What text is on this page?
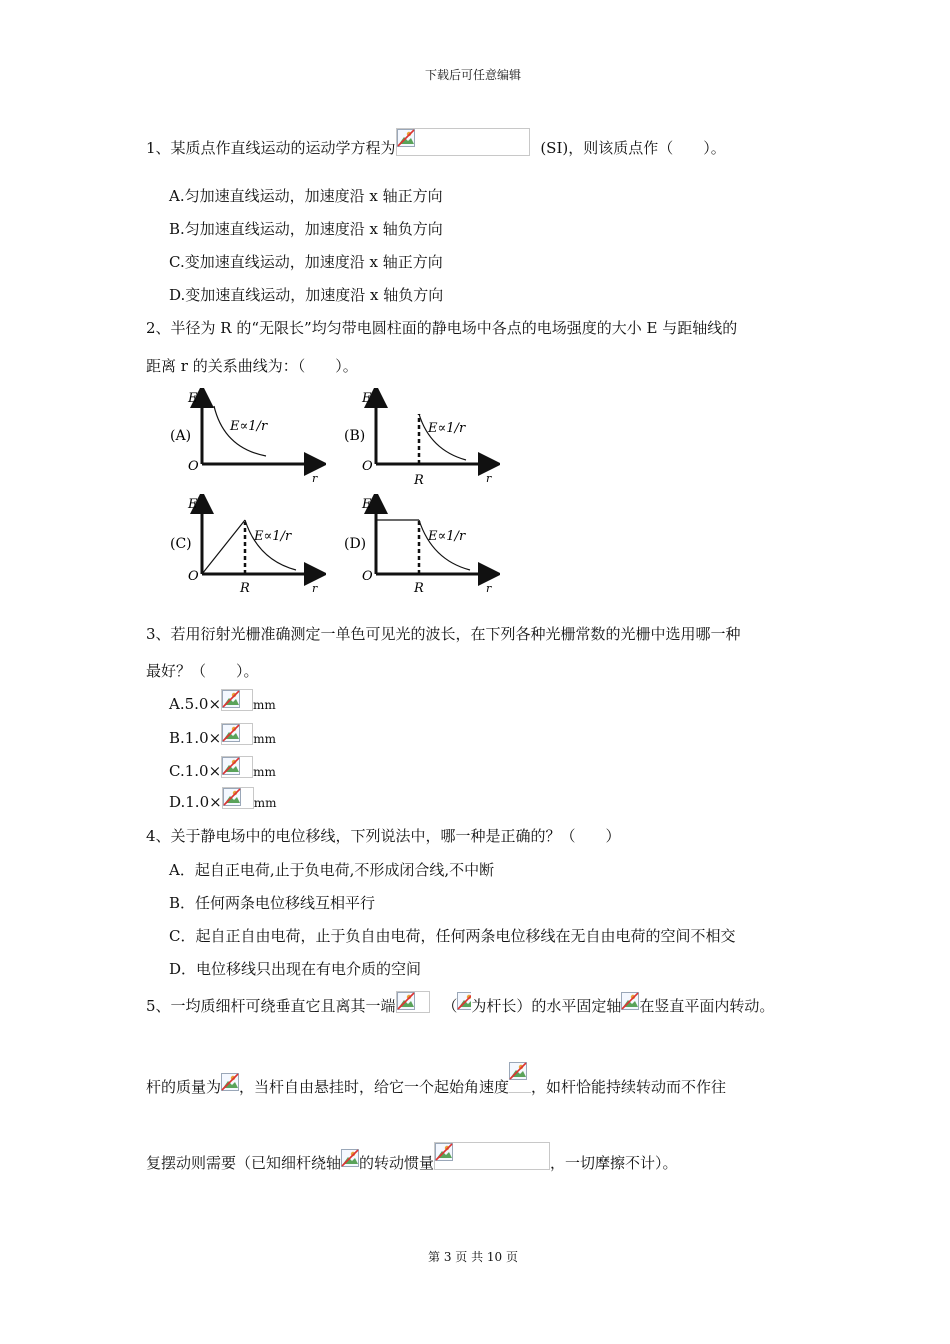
下载后可任意编辑
1、某质点作直线运动的运动学方程为	(SI)，则该质点作（　　）。
A.匀加速直线运动，加速度沿 x 轴正方向
B.匀加速直线运动，加速度沿 x 轴负方向
C.变加速直线运动，加速度沿 x 轴正方向
D.变加速直线运动，加速度沿 x 轴负方向
2、半径为 R 的“无限长”均匀带电圆柱面的静电场中各点的电场强度的大小 E 与距轴线的
距离 r 的关系曲线为：（　　）。
E
(A)
O
r
E∝1/r
E
(B)
O
R	r
E∝1/r
E
(C)
O
R	r
E∝1/r
E
(D)
O
R	r
E∝1/r
3、若用衍射光栅准确测定一单色可见光的波长，在下列各种光栅常数的光栅中选用哪一种
最好？（　　）。
A.5.0×	mm
B.1.0×	mm
C.1.0×	mm
D.1.0×	mm
4、关于静电场中的电位移线，下列说法中，哪一种是正确的？（　　）
A．起自正电荷,止于负电荷,不形成闭合线,不中断
B．任何两条电位移线互相平行
C．起自正自由电荷，止于负自由电荷，任何两条电位移线在无自由电荷的空间不相交
D．电位移线只出现在有电介质的空间
5、一均质细杆可绕垂直它且离其一端	（ 为杆长）的水平固定轴 在竖直平面内转动。
杆的质量为 ，当杆自由悬挂时，给它一个起始角速度 ，如杆恰能持续转动而不作往
复摆动则需要（已知细杆绕轴 的转动惯量	，一切摩擦不计）。
第 3 页 共 10 页
